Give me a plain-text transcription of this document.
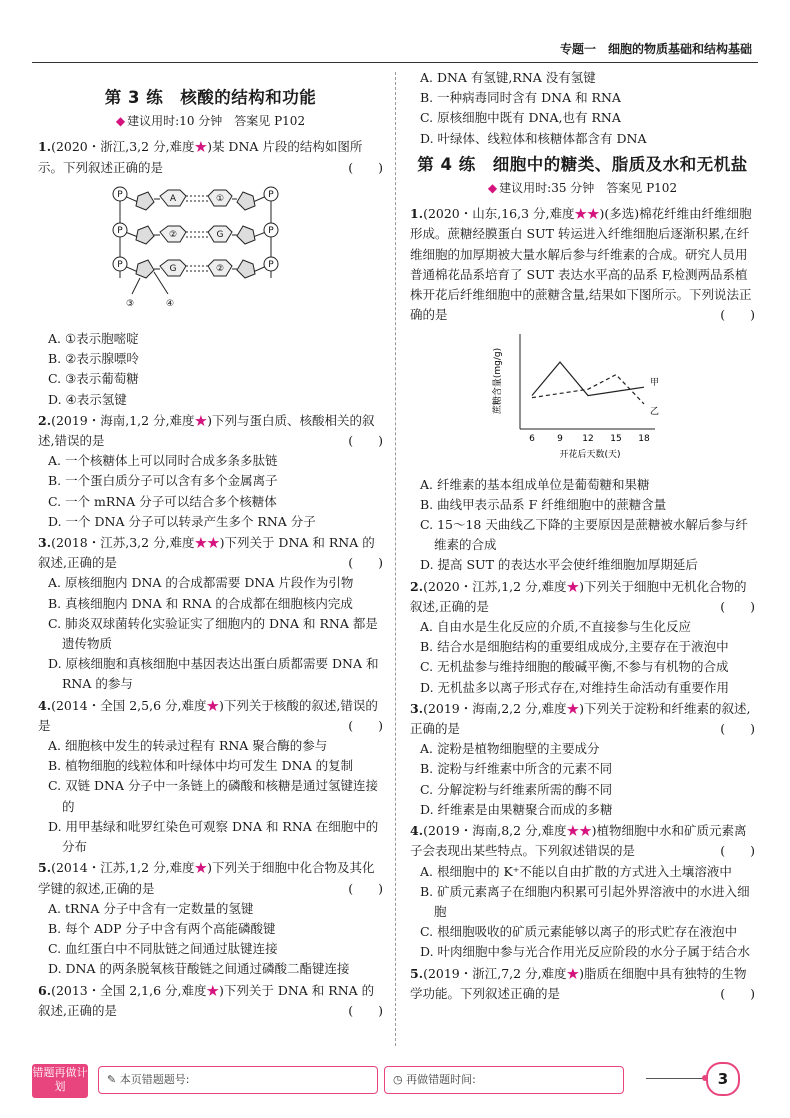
专题一　细胞的物质基础和结构基础
第 3 练　核酸的结构和功能
◆ 建议用时:10 分钟　答案见 P102
1.(2020・浙江,3,2 分,难度★)某 DNA 片段的结构如图所示。下列叙述正确的是	(　　)
P
P
P
P
P
P
A	①
②	G
G	②
③	④
A. ①表示胞嘧啶
B. ②表示腺嘌呤
C. ③表示葡萄糖
D. ④表示氢键
2.(2019・海南,1,2 分,难度★)下列与蛋白质、核酸相关的叙述,错误的是	(　　)
A. 一个核糖体上可以同时合成多条多肽链
B. 一个蛋白质分子可以含有多个金属离子
C. 一个 mRNA 分子可以结合多个核糖体
D. 一个 DNA 分子可以转录产生多个 RNA 分子
3.(2018・江苏,3,2 分,难度★★)下列关于 DNA 和 RNA 的叙述,正确的是	(　　)
A. 原核细胞内 DNA 的合成都需要 DNA 片段作为引物
B. 真核细胞内 DNA 和 RNA 的合成都在细胞核内完成
C. 肺炎双球菌转化实验证实了细胞内的 DNA 和 RNA 都是遗传物质
D. 原核细胞和真核细胞中基因表达出蛋白质都需要 DNA 和 RNA 的参与
4.(2014・全国 2,5,6 分,难度★)下列关于核酸的叙述,错误的是	(　　)
A. 细胞核中发生的转录过程有 RNA 聚合酶的参与
B. 植物细胞的线粒体和叶绿体中均可发生 DNA 的复制
C. 双链 DNA 分子中一条链上的磷酸和核糖是通过氢键连接的
D. 用甲基绿和吡罗红染色可观察 DNA 和 RNA 在细胞中的分布
5.(2014・江苏,1,2 分,难度★)下列关于细胞中化合物及其化学键的叙述,正确的是	(　　)
A. tRNA 分子中含有一定数量的氢键
B. 每个 ADP 分子中含有两个高能磷酸键
C. 血红蛋白中不同肽链之间通过肽键连接
D. DNA 的两条脱氧核苷酸链之间通过磷酸二酯键连接
6.(2013・全国 2,1,6 分,难度★)下列关于 DNA 和 RNA 的叙述,正确的是	(　　)
A. DNA 有氢键,RNA 没有氢键
B. 一种病毒同时含有 DNA 和 RNA
C. 原核细胞中既有 DNA,也有 RNA
D. 叶绿体、线粒体和核糖体都含有 DNA
第 4 练　细胞中的糖类、脂质及水和无机盐
◆ 建议用时:35 分钟　答案见 P102
1.(2020・山东,16,3 分,难度★★)(多选)棉花纤维由纤维细胞形成。蔗糖经膜蛋白 SUT 转运进入纤维细胞后逐渐积累,在纤维细胞的加厚期被大量水解后参与纤维素的合成。研究人员用普通棉花品系培育了 SUT 表达水平高的品系 F,检测两品系植株开花后纤维细胞中的蔗糖含量,结果如下图所示。下列说法正确的是	(　　)
蔗糖含量(mg/g)
开花后天数(天)
6 9 12 15 18
甲
乙
A. 纤维素的基本组成单位是葡萄糖和果糖
B. 曲线甲表示品系 F 纤维细胞中的蔗糖含量
C. 15～18 天曲线乙下降的主要原因是蔗糖被水解后参与纤维素的合成
D. 提高 SUT 的表达水平会使纤维细胞加厚期延后
2.(2020・江苏,1,2 分,难度★)下列关于细胞中无机化合物的叙述,正确的是	(　　)
A. 自由水是生化反应的介质,不直接参与生化反应
B. 结合水是细胞结构的重要组成成分,主要存在于液泡中
C. 无机盐参与维持细胞的酸碱平衡,不参与有机物的合成
D. 无机盐多以离子形式存在,对维持生命活动有重要作用
3.(2019・海南,2,2 分,难度★)下列关于淀粉和纤维素的叙述,正确的是	(　　)
A. 淀粉是植物细胞壁的主要成分
B. 淀粉与纤维素中所含的元素不同
C. 分解淀粉与纤维素所需的酶不同
D. 纤维素是由果糖聚合而成的多糖
4.(2019・海南,8,2 分,难度★★)植物细胞中水和矿质元素离子会表现出某些特点。下列叙述错误的是	(　　)
A. 根细胞中的 K⁺不能以自由扩散的方式进入土壤溶液中
B. 矿质元素离子在细胞内积累可引起外界溶液中的水进入细胞
C. 根细胞吸收的矿质元素能够以离子的形式贮存在液泡中
D. 叶肉细胞中参与光合作用光反应阶段的水分子属于结合水
5.(2019・浙江,7,2 分,难度★)脂质在细胞中具有独特的生物学功能。下列叙述正确的是	(　　)
错题再做计划
✎ 本页错题题号:	◷ 再做错题时间:	3
